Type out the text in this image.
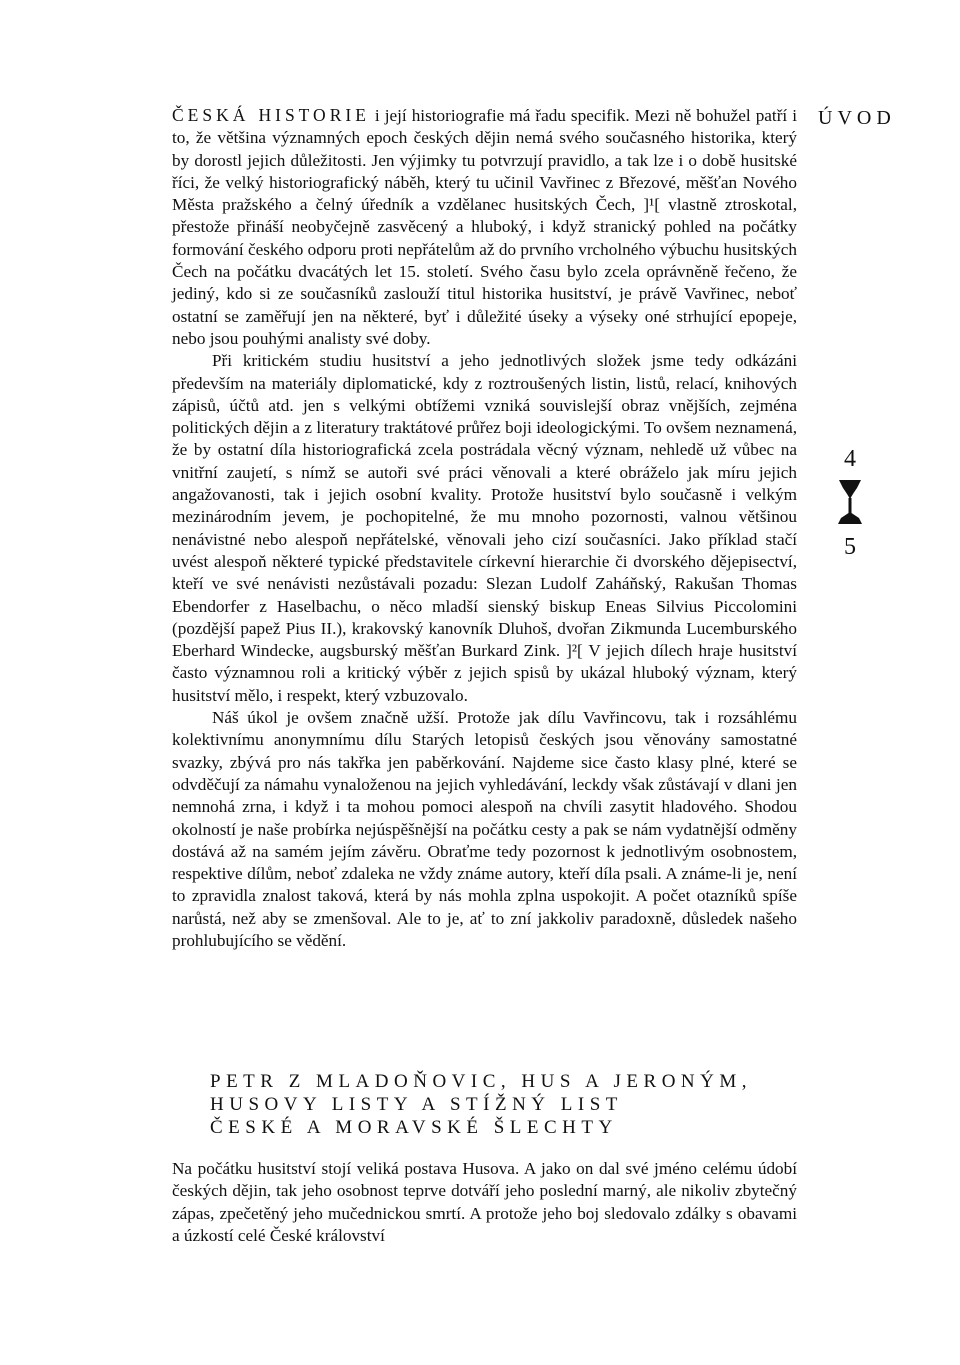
ČESKÁ HISTORIE i její historiografie má řadu specifik. Mezi ně bohužel patří i to, že většina významných epoch českých dějin nemá svého současného historika, který by dorostl jejich důležitosti. Jen výjimky tu potvrzují pravidlo, a tak lze i o době husitské říci, že velký historiografický náběh, který tu učinil Vavřinec z Březové, měšťan Nového Města pražského a čelný úředník a vzdělanec husitských Čech, ]¹[ vlastně ztroskotal, přestože přináší neobyčejně zasvěcený a hluboký, i když stranický pohled na počátky formování českého odporu proti nepřátelům až do prvního vrcholného výbuchu husitských Čech na počátku dvacátých let 15. století. Svého času bylo zcela oprávněně řečeno, že jediný, kdo si ze současníků zaslouží titul historika husitství, je právě Vavřinec, neboť ostatní se zaměřují jen na některé, byť i důležité úseky a výseky oné strhující epopeje, nebo jsou pouhými analisty své doby.

Při kritickém studiu husitství a jeho jednotlivých složek jsme tedy odkázáni především na materiály diplomatické, kdy z roztroušených listin, listů, relací, knihových zápisů, účtů atd. jen s velkými obtížemi vzniká souvislejší obraz vnějších, zejména politických dějin a z literatury traktátové průřez boji ideologickými. To ovšem neznamená, že by ostatní díla historiografická zcela postrádala věcný význam, nehledě už vůbec na vnitřní zaujetí, s nímž se autoři své práci věnovali a které obráželo jak míru jejich angažovanosti, tak i jejich osobní kvality. Protože husitství bylo současně i velkým mezinárodním jevem, je pochopitelné, že mu mnoho pozornosti, valnou většinou nenávistné nebo alespoň nepřátelské, věnovali jeho cizí současníci. Jako příklad stačí uvést alespoň některé typické představitele církevní hierarchie či dvorského dějepisectví, kteří ve své nenávisti nezůstávali pozadu: Slezan Ludolf Zaháňský, Rakušan Thomas Ebendorfer z Haselbachu, o něco mladší sienský biskup Eneas Silvius Piccolomini (pozdější papež Pius II.), krakovský kanovník Dluhoš, dvořan Zikmunda Lucemburského Eberhard Windecke, augsburský měšťan Burkard Zink. ]²[ V jejich dílech hraje husitství často významnou roli a kritický výběr z jejich spisů by ukázal hluboký význam, který husitství mělo, i respekt, který vzbuzovalo.

Náš úkol je ovšem značně užší. Protože jak dílu Vavřincovu, tak i rozsáhlému kolektivnímu anonymnímu dílu Starých letopisů českých jsou věnovány samostatné svazky, zbývá pro nás takřka jen paběrkování. Najdeme sice často klasy plné, které se odvděčují za námahu vynaloženou na jejich vyhledávání, leckdy však zůstávají v dlani jen nemnohá zrna, i když i ta mohou pomoci alespoň na chvíli zasytit hladového. Shodou okolností je naše probírka nejúspěšnější na počátku cesty a pak se nám vydatnější odměny dostává až na samém jejím závěru. Obraťme tedy pozornost k jednotlivým osobnostem, respektive dílům, neboť zdaleka ne vždy známe autory, kteří díla psali. A známe-li je, není to zpravidla znalost taková, která by nás mohla zplna uspokojit. A počet otazníků spíše narůstá, než aby se zmenšoval. Ale to je, ať to zní jakkoliv paradoxně, důsledek našeho prohlubujícího se vědění.

ÚVOD
4
5
PETR Z MLADOŇOVIC, HUS A JERONÝM,
HUSOVY LISTY A STÍŽNÝ LIST
ČESKÉ A MORAVSKÉ ŠLECHTY

Na počátku husitství stojí veliká postava Husova. A jako on dal své jméno celému údobí českých dějin, tak jeho osobnost teprve dotváří jeho poslední marný, ale nikoliv zbytečný zápas, zpečetěný jeho mučednickou smrtí. A protože jeho boj sledovalo zdálky s obavami a úzkostí celé České království
